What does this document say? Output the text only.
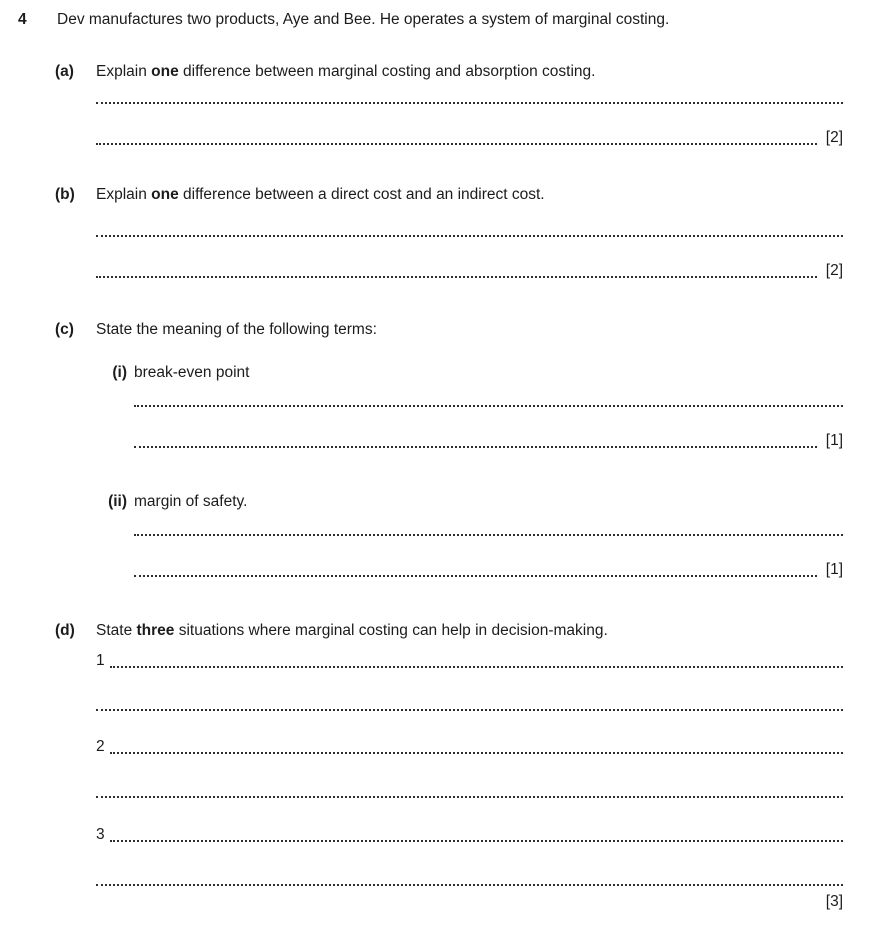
4	Dev manufactures two products, Aye and Bee. He operates a system of marginal costing.
(a)	Explain one difference between marginal costing and absorption costing.
[2]
(b)	Explain one difference between a direct cost and an indirect cost.
[2]
(c)	State the meaning of the following terms:
(i) break-even point
[1]
(ii) margin of safety.
[1]
(d)	State three situations where marginal costing can help in decision-making.
1
2
3
[3]
